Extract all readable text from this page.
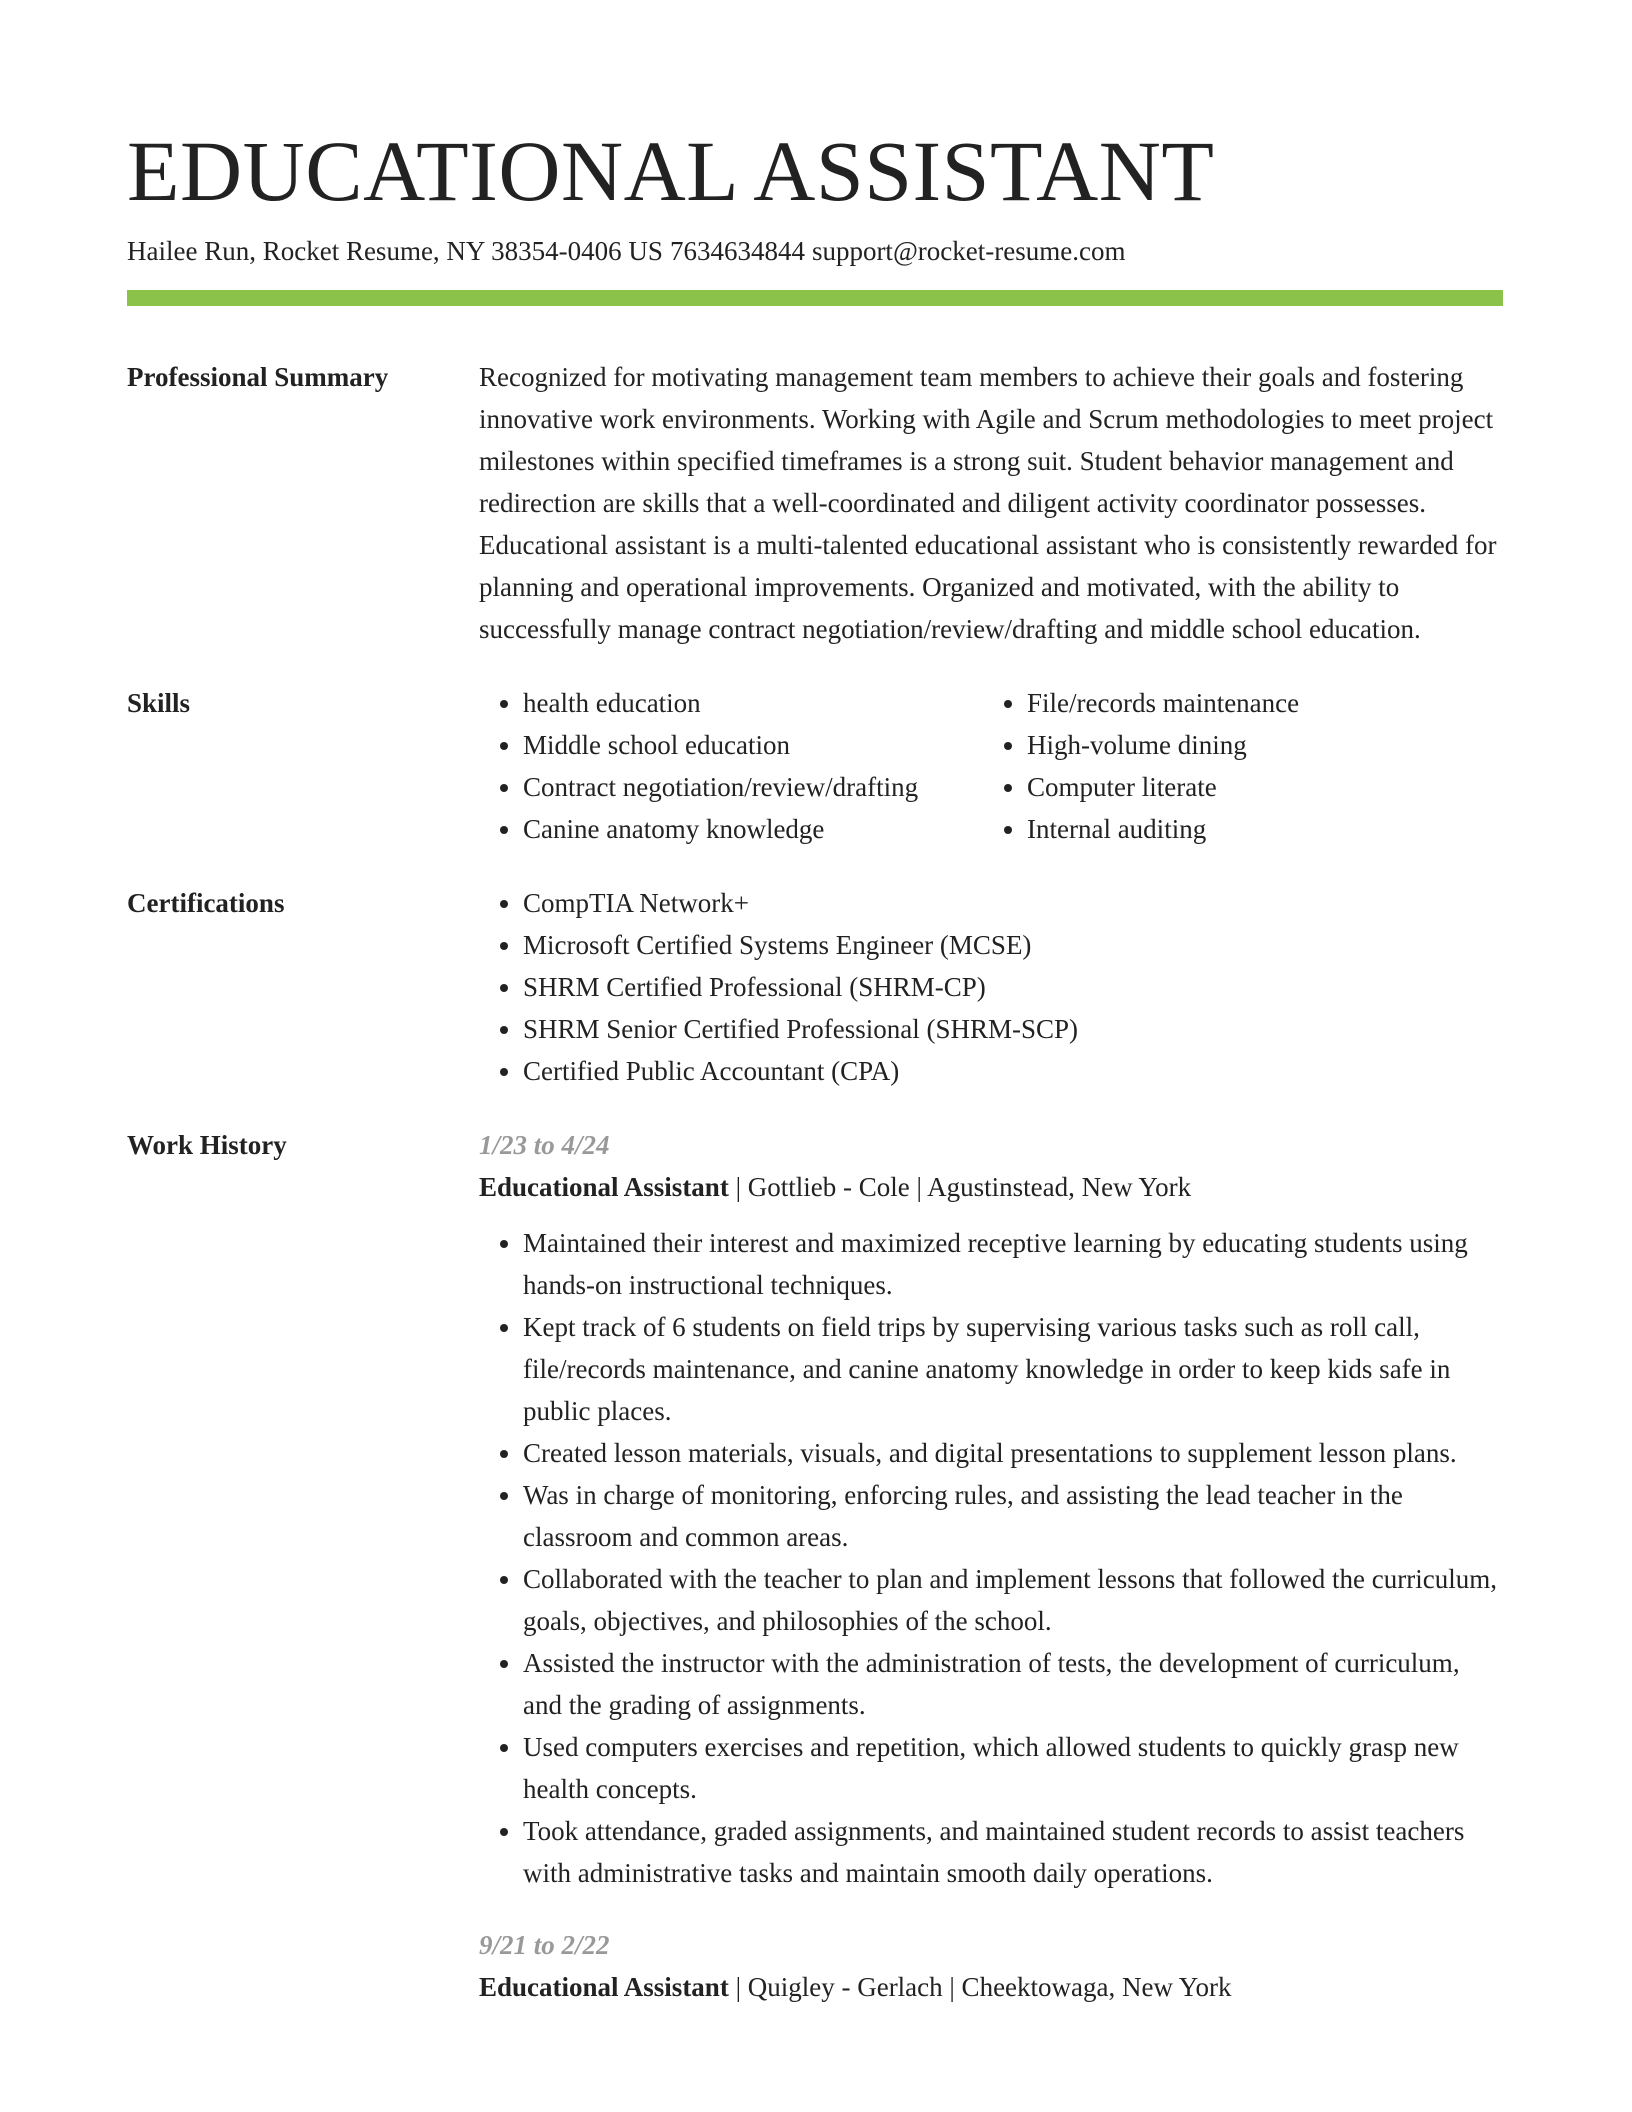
EDUCATIONAL ASSISTANT
Hailee Run, Rocket Resume, NY 38354-0406 US 7634634844 support@rocket-resume.com
Professional Summary	Recognized for motivating management team members to achieve their goals and fostering innovative work environments. Working with Agile and Scrum methodologies to meet project milestones within specified timeframes is a strong suit. Student behavior management and redirection are skills that a well-coordinated and diligent activity coordinator possesses. Educational assistant is a multi-talented educational assistant who is consistently rewarded for planning and operational improvements. Organized and motivated, with the ability to successfully manage contract negotiation/review/drafting and middle school education.
Skills	• health education
• Middle school education
• Contract negotiation/review/drafting
• Canine anatomy knowledge
• File/records maintenance
• High-volume dining
• Computer literate
• Internal auditing
Certifications	• CompTIA Network+
• Microsoft Certified Systems Engineer (MCSE)
• SHRM Certified Professional (SHRM-CP)
• SHRM Senior Certified Professional (SHRM-SCP)
• Certified Public Accountant (CPA)
Work History	1/23 to 4/24
Educational Assistant | Gottlieb - Cole | Agustinstead, New York
• Maintained their interest and maximized receptive learning by educating students using hands-on instructional techniques.
• Kept track of 6 students on field trips by supervising various tasks such as roll call, file/records maintenance, and canine anatomy knowledge in order to keep kids safe in public places.
• Created lesson materials, visuals, and digital presentations to supplement lesson plans.
• Was in charge of monitoring, enforcing rules, and assisting the lead teacher in the classroom and common areas.
• Collaborated with the teacher to plan and implement lessons that followed the curriculum, goals, objectives, and philosophies of the school.
• Assisted the instructor with the administration of tests, the development of curriculum, and the grading of assignments.
• Used computers exercises and repetition, which allowed students to quickly grasp new health concepts.
• Took attendance, graded assignments, and maintained student records to assist teachers with administrative tasks and maintain smooth daily operations.
9/21 to 2/22
Educational Assistant | Quigley - Gerlach | Cheektowaga, New York
